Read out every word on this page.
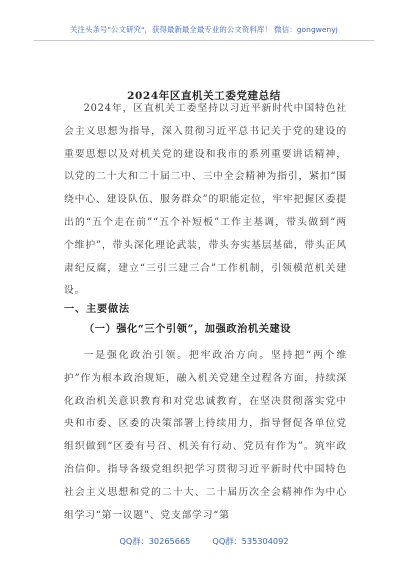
关注头条号"公文研究"，获得最新最全最专业的公文资料库！ 微信：gongwenyj
2024年区直机关工委党建总结

2024年，区直机关工委坚持以习近平新时代中国特色社会主义思想为指导，深入贯彻习近平总书记关于党的建设的重要思想以及对机关党的建设和我市的系列重要讲话精神，以党的二十大和二十届二中、三中全会精神为指引，紧扣“围绕中心、建设队伍、服务群众”的职能定位，牢牢把握区委提出的“五个走在前”“五个补短板”工作主基调，带头做到“两个维护”，带头深化理论武装，带头夯实基层基础，带头正风肃纪反腐，建立“三引三建三合”工作机制，引领模范机关建设。

一、主要做法
（一）强化“三个引领”，加强政治机关建设

一是强化政治引领。把牢政治方向。坚持把“两个维护”作为根本政治规矩，融入机关党建全过程各方面，持续深化政治机关意识教育和对党忠诚教育，在坚决贯彻落实党中央和市委、区委的决策部署上持续用力，指导督促各单位党组织做到“区委有号召、机关有行动、党员有作为”。筑牢政治信仰。指导各级党组织把学习贯彻习近平新时代中国特色社会主义思想和党的二十大、二十届历次全会精神作为中心组学习“第一议题”、党支部学习“第

QQ群：30265665	QQ群：535304092
